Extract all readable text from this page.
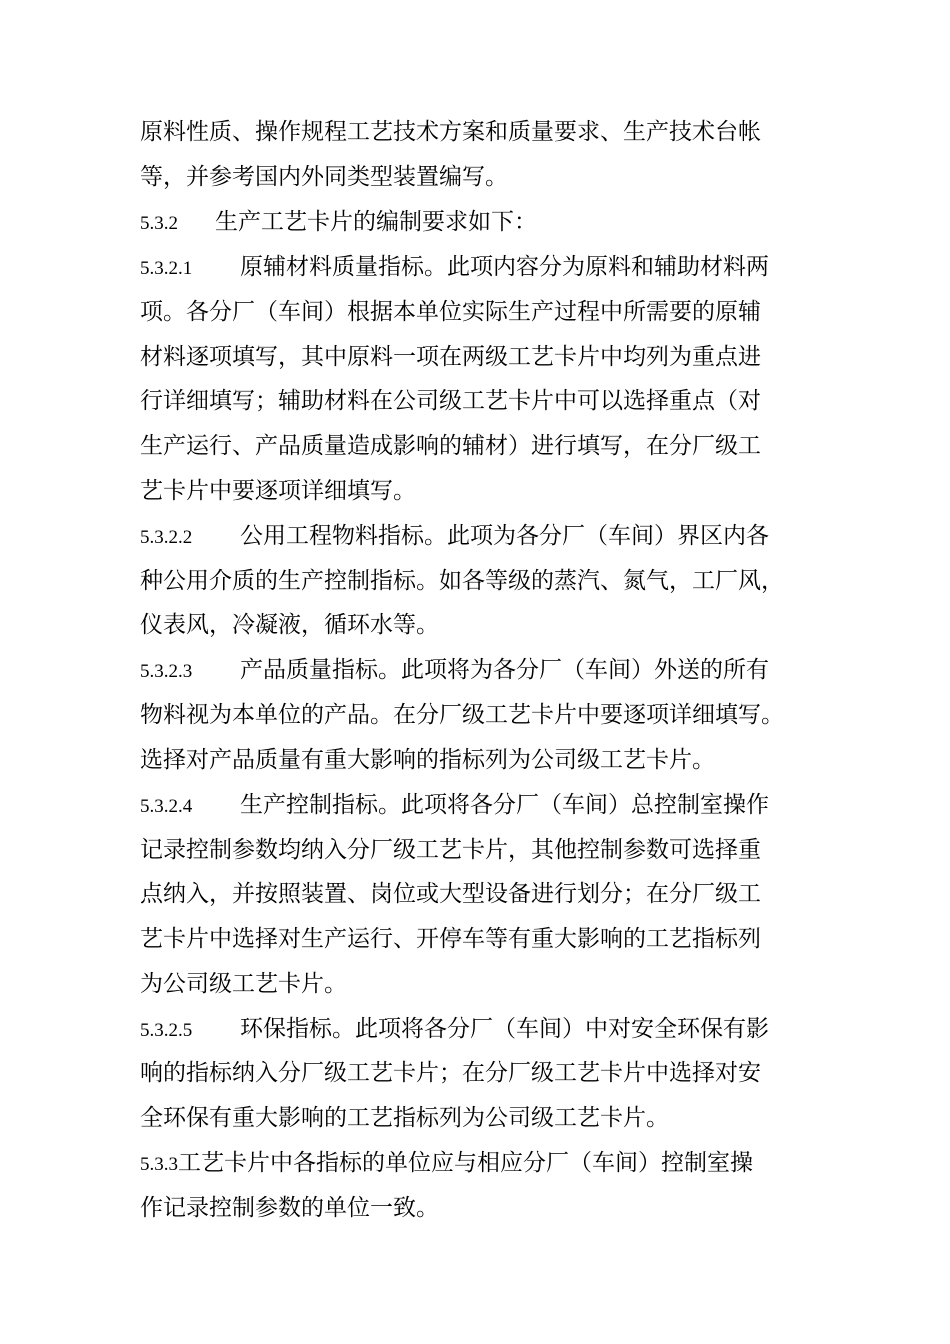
原料性质、操作规程工艺技术方案和质量要求、生产技术台帐
等，并参考国内外同类型装置编写。
5.3.2 生产工艺卡片的编制要求如下：
5.3.2.1 原辅材料质量指标。此项内容分为原料和辅助材料两
项。各分厂（车间）根据本单位实际生产过程中所需要的原辅
材料逐项填写，其中原料一项在两级工艺卡片中均列为重点进
行详细填写；辅助材料在公司级工艺卡片中可以选择重点（对
生产运行、产品质量造成影响的辅材）进行填写，在分厂级工
艺卡片中要逐项详细填写。
5.3.2.2 公用工程物料指标。此项为各分厂（车间）界区内各
种公用介质的生产控制指标。如各等级的蒸汽、氮气，工厂风，
仪表风，冷凝液，循环水等。
5.3.2.3 产品质量指标。此项将为各分厂（车间）外送的所有
物料视为本单位的产品。在分厂级工艺卡片中要逐项详细填写。
选择对产品质量有重大影响的指标列为公司级工艺卡片。
5.3.2.4 生产控制指标。此项将各分厂（车间）总控制室操作
记录控制参数均纳入分厂级工艺卡片，其他控制参数可选择重
点纳入，并按照装置、岗位或大型设备进行划分；在分厂级工
艺卡片中选择对生产运行、开停车等有重大影响的工艺指标列
为公司级工艺卡片。
5.3.2.5 环保指标。此项将各分厂（车间）中对安全环保有影
响的指标纳入分厂级工艺卡片；在分厂级工艺卡片中选择对安
全环保有重大影响的工艺指标列为公司级工艺卡片。
5.3.3工艺卡片中各指标的单位应与相应分厂（车间）控制室操
作记录控制参数的单位一致。
